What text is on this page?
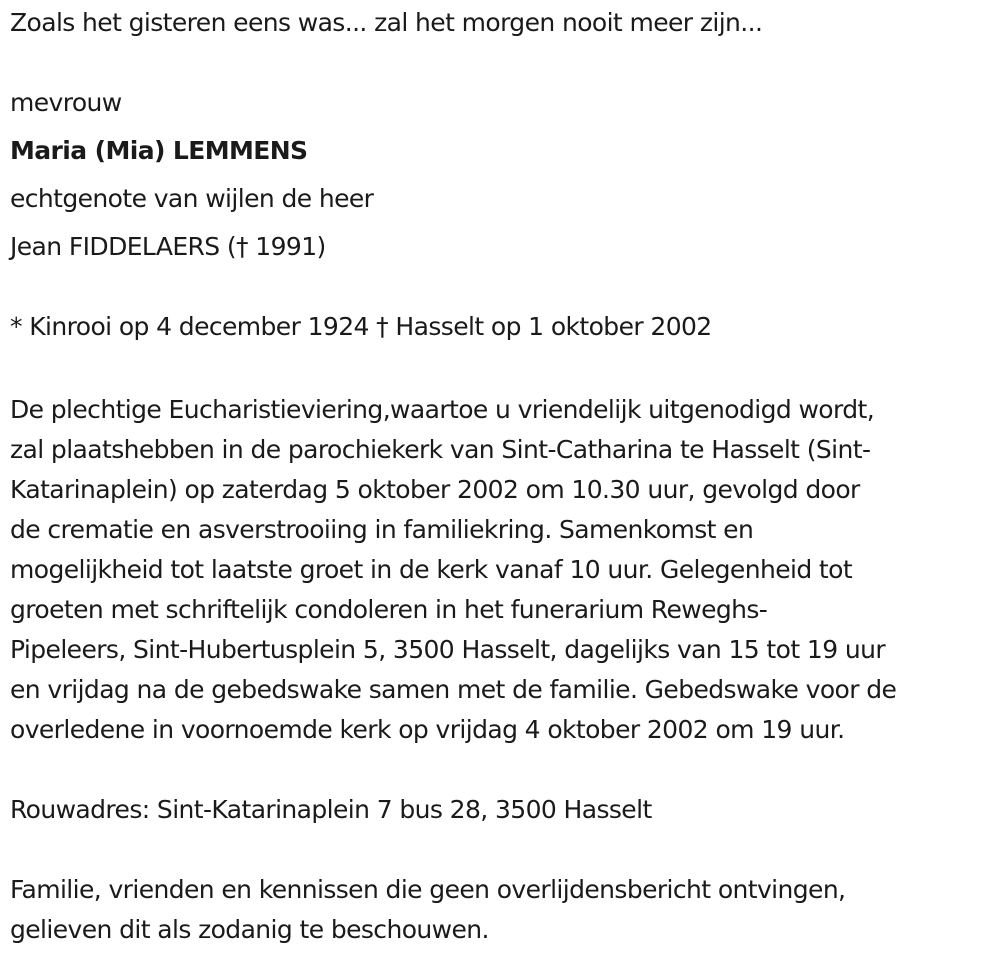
Zoals het gisteren eens was... zal het morgen nooit meer zijn...
mevrouw
Maria (Mia) LEMMENS
echtgenote van wijlen de heer
Jean FIDDELAERS († 1991)
* Kinrooi op 4 december 1924 † Hasselt op 1 oktober 2002
De plechtige Eucharistieviering,waartoe u vriendelijk uitgenodigd wordt,
zal plaatshebben in de parochiekerk van Sint-Catharina te Hasselt (Sint-
Katarinaplein) op zaterdag 5 oktober 2002 om 10.30 uur, gevolgd door
de crematie en asverstrooiing in familiekring. Samenkomst en
mogelijkheid tot laatste groet in de kerk vanaf 10 uur. Gelegenheid tot
groeten met schriftelijk condoleren in het funerarium Reweghs-
Pipeleers, Sint-Hubertusplein 5, 3500 Hasselt, dagelijks van 15 tot 19 uur
en vrijdag na de gebedswake samen met de familie. Gebedswake voor de
overledene in voornoemde kerk op vrijdag 4 oktober 2002 om 19 uur.
Rouwadres: Sint-Katarinaplein 7 bus 28, 3500 Hasselt
Familie, vrienden en kennissen die geen overlijdensbericht ontvingen,
gelieven dit als zodanig te beschouwen.
